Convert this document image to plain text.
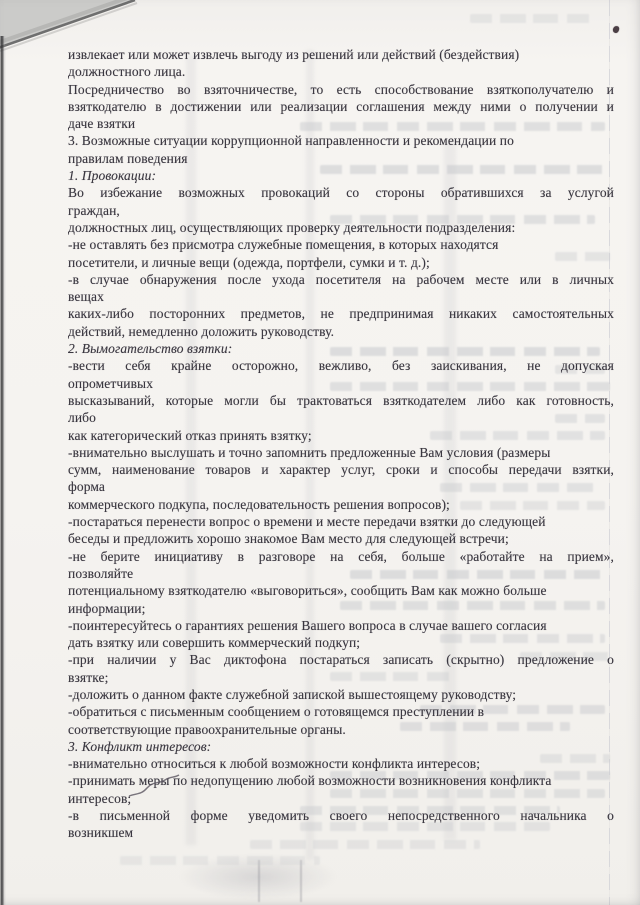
извлекает или может извлечь выгоду из решений или действий (бездействия)
должностного лица.
Посредничество во взяточничестве, то есть способствование взяткополучателю и
взяткодателю в достижении или реализации соглашения между ними о получении и
даче взятки
3. Возможные ситуации коррупционной направленности и рекомендации по
правилам поведения
1. Провокации:
Во избежание возможных провокаций со стороны обратившихся за услугой
граждан,
должностных лиц, осуществляющих проверку деятельности подразделения:
-не оставлять без присмотра служебные помещения, в которых находятся
посетители, и личные вещи (одежда, портфели, сумки и т. д.);
-в случае обнаружения после ухода посетителя на рабочем месте или в личных
вещах
каких-либо посторонних предметов, не предпринимая никаких самостоятельных
действий, немедленно доложить руководству.
2. Вымогательство взятки:
-вести себя крайне осторожно, вежливо, без заискивания, не допуская
опрометчивых
высказываний, которые могли бы трактоваться взяткодателем либо как готовность,
либо
как категорический отказ принять взятку;
-внимательно выслушать и точно запомнить предложенные Вам условия (размеры
сумм, наименование товаров и характер услуг, сроки и способы передачи взятки,
форма
коммерческого подкупа, последовательность решения вопросов);
-постараться перенести вопрос о времени и месте передачи взятки до следующей
беседы и предложить хорошо знакомое Вам место для следующей встречи;
-не берите инициативу в разговоре на себя, больше «работайте на прием»,
позволяйте
потенциальному взяткодателю «выговориться», сообщить Вам как можно больше
информации;
-поинтересуйтесь о гарантиях решения Вашего вопроса в случае вашего согласия
дать взятку или совершить коммерческий подкуп;
-при наличии у Вас диктофона постараться записать (скрытно) предложение о
взятке;
-доложить о данном факте служебной запиской вышестоящему руководству;
-обратиться с письменным сообщением о готовящемся преступлении в
соответствующие правоохранительные органы.
3. Конфликт интересов:
-внимательно относиться к любой возможности конфликта интересов;
-принимать меры по недопущению любой возможности возникновения конфликта
интересов;
-в письменной форме уведомить своего непосредственного начальника о
возникшем
